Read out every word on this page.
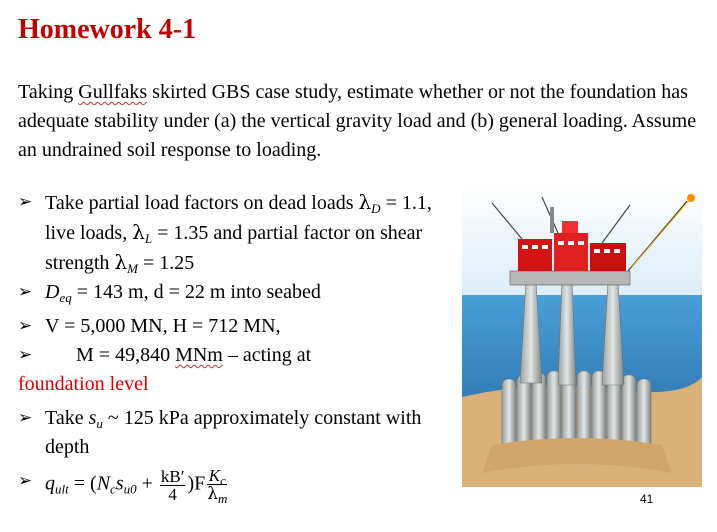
Homework 4-1
Taking Gullfaks skirted GBS case study, estimate whether or not the foundation has adequate stability under (a) the vertical gravity load and (b) general loading. Assume an undrained soil response to loading.
➢ Take partial load factors on dead loads $\lambda_D = 1.1$, live loads, $\lambda_L = 1.35$ and partial factor on shear strength $\lambda_M = 1.25$
➢ $D_{eq} = 143$ m, d = 22 m into seabed
➢ V = 5,000 MN, H = 712 MN,
➢ M = 49,840 MNm – acting at
foundation level
➢ Take $s_u$ ~ 125 kPa approximately constant with depth
➢ $q_{ult} = (N_cs_{u0} + \frac{kB'}{4} )F \frac{K_c}{\lambda_m}$	41
